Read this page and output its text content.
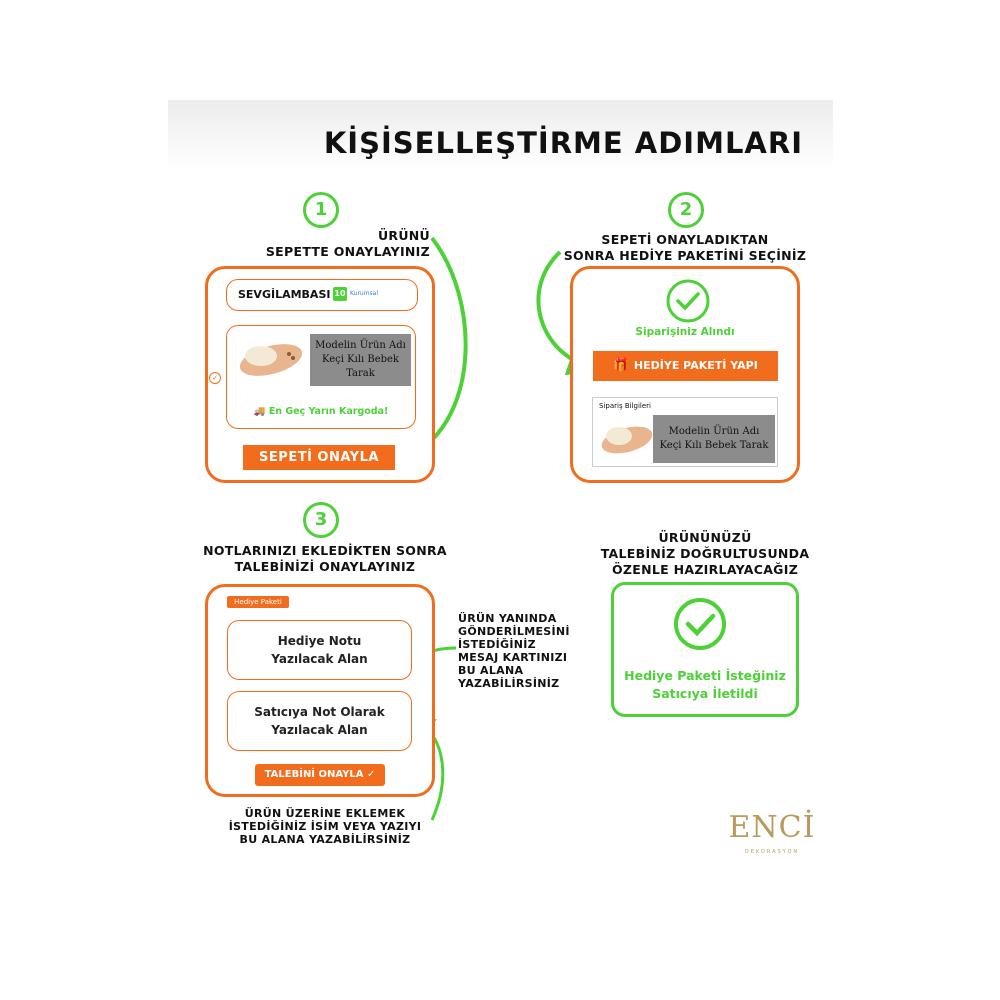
KİŞİSELLEŞTİRME ADIMLARI
1
ÜRÜNÜ
SEPETTE ONAYLAYINIZ
SEVGİLAMBASI 10 Kurumsal
✓
Modelin Ürün Adı
Keçi Kılı Bebek Tarak
🚚 En Geç Yarın Kargoda!
SEPETİ ONAYLA
2
SEPETİ ONAYLADIKTAN
SONRA HEDİYE PAKETİNİ SEÇİNİZ
Siparişiniz Alındı
🎁 HEDİYE PAKETİ YAPI
Sipariş Bilgileri
Modelin Ürün Adı
Keçi Kılı Bebek Tarak
3
NOTLARINIZI EKLEDİKTEN SONRA
TALEBİNİZİ ONAYLAYINIZ
Hediye Paketi
Hediye Notu
Yazılacak Alan
Satıcıya Not Olarak
Yazılacak Alan
TALEBİNİ ONAYLA ✓
ÜRÜN YANINDA
GÖNDERİLMESİNİ
İSTEDİĞİNİZ
MESAJ KARTINIZI
BU ALANA
YAZABİLİRSİNİZ
ÜRÜN ÜZERİNE EKLEMEK
İSTEDİĞİNİZ İSİM VEYA YAZIYI
BU ALANA YAZABİLİRSİNİZ
ÜRÜNÜNÜZÜ
TALEBİNİZ DOĞRULTUSUNDA
ÖZENLE HAZIRLAYACAĞIZ
Hediye Paketi İsteğiniz
Satıcıya İletildi
ENCİ
DEKORASYON
